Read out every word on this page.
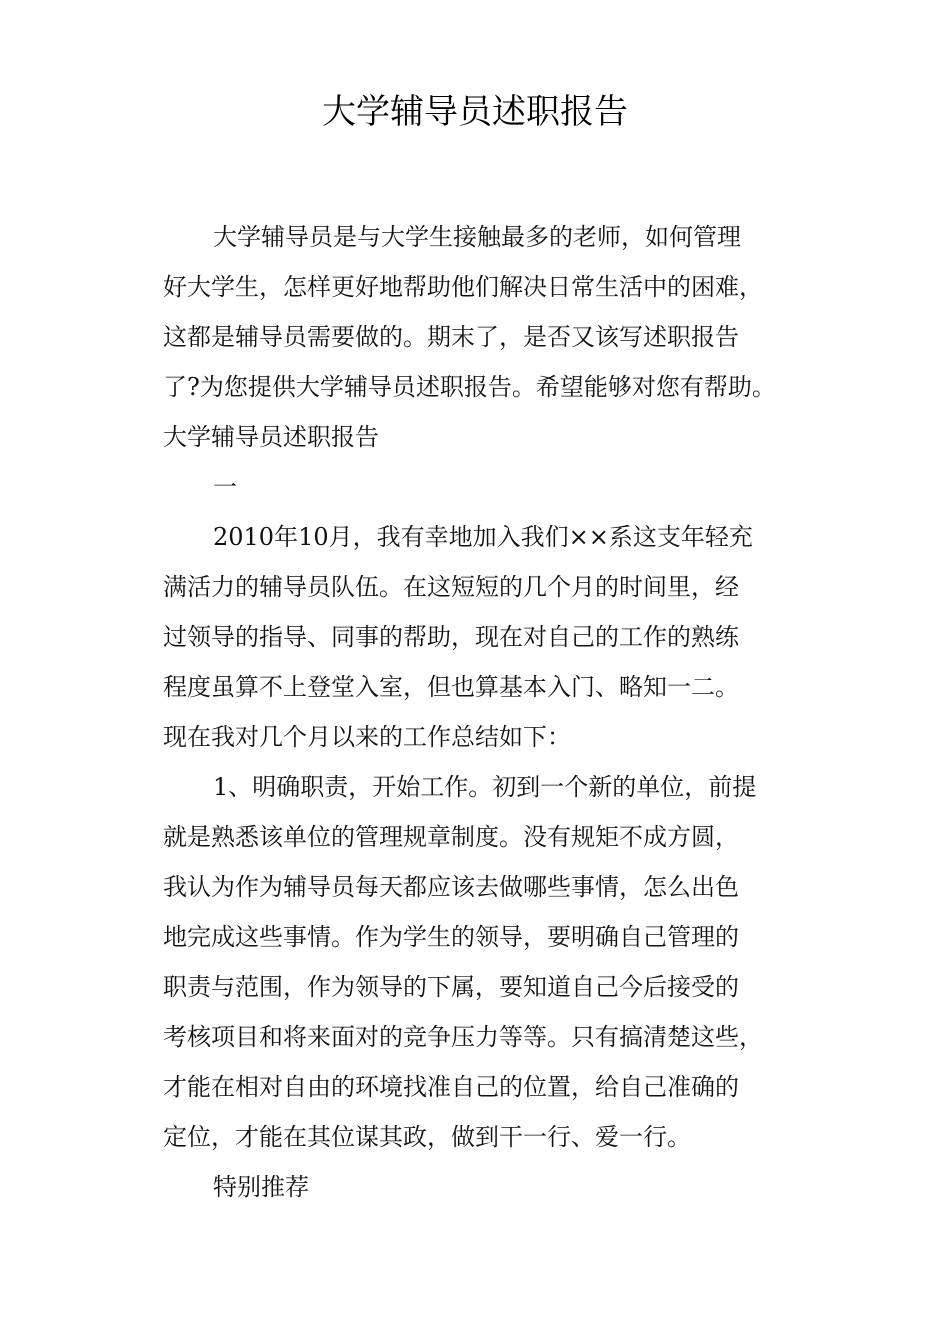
大学辅导员述职报告
大学辅导员是与大学生接触最多的老师，如何管理
好大学生，怎样更好地帮助他们解决日常生活中的困难，
这都是辅导员需要做的。期末了，是否又该写述职报告
了?为您提供大学辅导员述职报告。希望能够对您有帮助。
大学辅导员述职报告
一
2010年10月，我有幸地加入我们××系这支年轻充
满活力的辅导员队伍。在这短短的几个月的时间里，经
过领导的指导、同事的帮助，现在对自己的工作的熟练
程度虽算不上登堂入室，但也算基本入门、略知一二。
现在我对几个月以来的工作总结如下：
1、明确职责，开始工作。初到一个新的单位，前提
就是熟悉该单位的管理规章制度。没有规矩不成方圆，
我认为作为辅导员每天都应该去做哪些事情，怎么出色
地完成这些事情。作为学生的领导，要明确自己管理的
职责与范围，作为领导的下属，要知道自己今后接受的
考核项目和将来面对的竞争压力等等。只有搞清楚这些，
才能在相对自由的环境找准自己的位置，给自己准确的
定位，才能在其位谋其政，做到干一行、爱一行。
特别推荐
